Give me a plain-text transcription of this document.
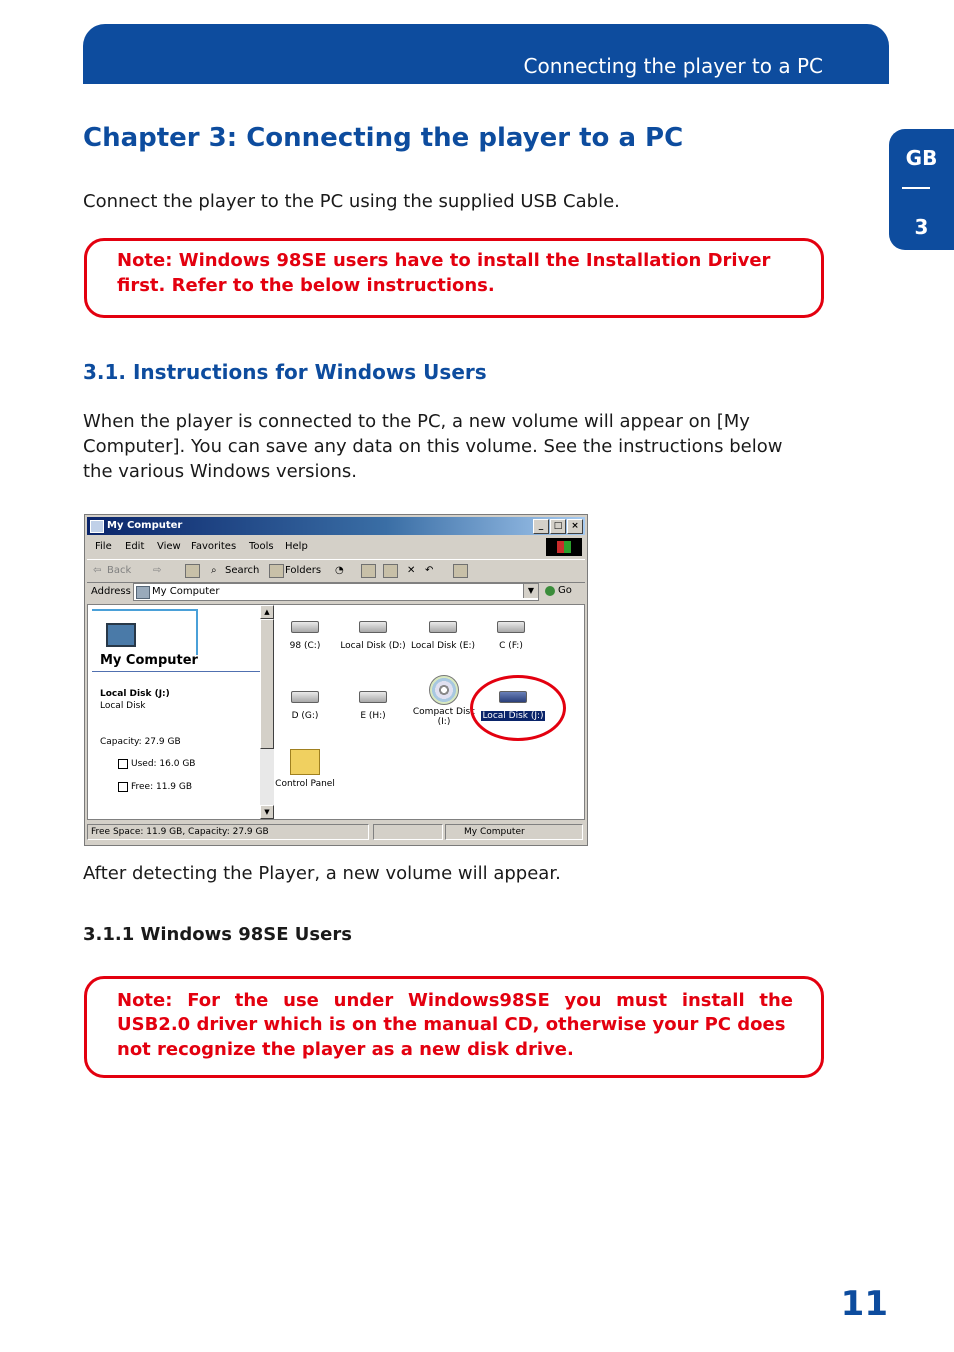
Connecting the player to a PC
GB
3
Chapter 3: Connecting the player to a PC
Connect the player to the PC using the supplied USB Cable.
Note: Windows 98SE users have to install the Installation Driver
first. Refer to the below instructions.
3.1. Instructions for Windows Users
When the player is connected to the PC, a new volume will appear on [My
Computer]. You can save any data on this volume. See the instructions below
the various Windows versions.
My Computer	_ □ ×
File Edit View Favorites Tools Help
⇦ Back ⇨	⌕ Search	Folders ◔	✕ ↶
Address My Computer	▼	Go
My Computer
Local Disk (J:)
Local Disk
Capacity: 27.9 GB
Used: 16.0 GB
Free: 11.9 GB
▲
▼
98 (C:)	Local Disk (D:) Local Disk (E:)	C (F:)
D (G:)	E (H:)	Compact Disc
(I:)
Local Disk (J:)
Control Panel
Free Space: 11.9 GB, Capacity: 27.9 GB	My Computer
After detecting the Player, a new volume will appear.
3.1.1 Windows 98SE Users
Note: For the use under Windows98SE you must install the
USB2.0 driver which is on the manual CD, otherwise your PC does
not recognize the player as a new disk drive.
11
